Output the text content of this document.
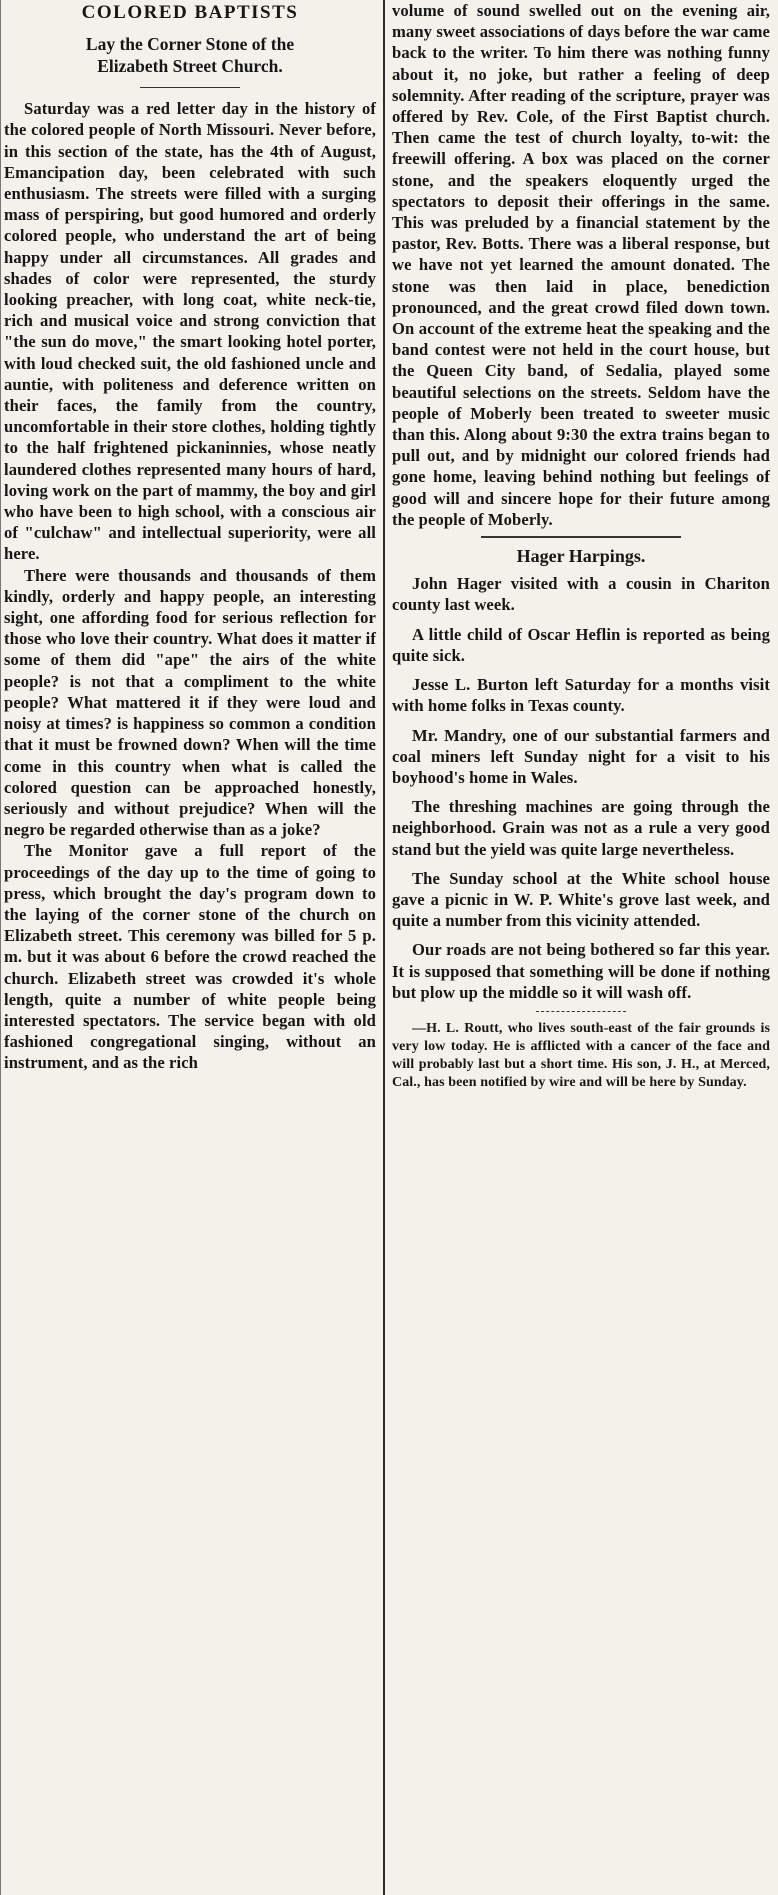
COLORED BAPTISTS
Lay the Corner Stone of the
Elizabeth Street Church.

Saturday was a red letter day in the history of the colored people of North Missouri. Never before, in this section of the state, has the 4th of August, Emancipation day, been celebrated with such enthusiasm. The streets were filled with a surging mass of perspiring, but good humored and orderly colored people, who understand the art of being happy under all circumstances. All grades and shades of color were represented, the sturdy looking preacher, with long coat, white neck-tie, rich and musical voice and strong conviction that "the sun do move," the smart looking hotel porter, with loud checked suit, the old fashioned uncle and auntie, with politeness and deference written on their faces, the family from the country, uncomfortable in their store clothes, holding tightly to the half frightened pickaninnies, whose neatly laundered clothes represented many hours of hard, loving work on the part of mammy, the boy and girl who have been to high school, with a conscious air of "culchaw" and intellectual superiority, were all here.

There were thousands and thousands of them kindly, orderly and happy people, an interesting sight, one affording food for serious reflection for those who love their country. What does it matter if some of them did "ape" the airs of the white people? is not that a compliment to the white people? What mattered it if they were loud and noisy at times? is happiness so common a condition that it must be frowned down? When will the time come in this country when what is called the colored question can be approached honestly, seriously and without prejudice? When will the negro be regarded otherwise than as a joke?

The Monitor gave a full report of the proceedings of the day up to the time of going to press, which brought the day's program down to the laying of the corner stone of the church on Elizabeth street. This ceremony was billed for 5 p. m. but it was about 6 before the crowd reached the church. Elizabeth street was crowded it's whole length, quite a number of white people being interested spectators. The service began with old fashioned congregational singing, without an instrument, and as the rich

volume of sound swelled out on the evening air, many sweet associations of days before the war came back to the writer. To him there was nothing funny about it, no joke, but rather a feeling of deep solemnity. After reading of the scripture, prayer was offered by Rev. Cole, of the First Baptist church. Then came the test of church loyalty, to-wit: the freewill offering. A box was placed on the corner stone, and the speakers eloquently urged the spectators to deposit their offerings in the same. This was preluded by a financial statement by the pastor, Rev. Botts. There was a liberal response, but we have not yet learned the amount donated. The stone was then laid in place, benediction pronounced, and the great crowd filed down town. On account of the extreme heat the speaking and the band contest were not held in the court house, but the Queen City band, of Sedalia, played some beautiful selections on the streets. Seldom have the people of Moberly been treated to sweeter music than this. Along about 9:30 the extra trains began to pull out, and by midnight our colored friends had gone home, leaving behind nothing but feelings of good will and sincere hope for their future among the people of Moberly.

Hager Harpings.

John Hager visited with a cousin in Chariton county last week.

A little child of Oscar Heflin is reported as being quite sick.

Jesse L. Burton left Saturday for a months visit with home folks in Texas county.

Mr. Mandry, one of our substantial farmers and coal miners left Sunday night for a visit to his boyhood's home in Wales.

The threshing machines are going through the neighborhood. Grain was not as a rule a very good stand but the yield was quite large nevertheless.

The Sunday school at the White school house gave a picnic in W. P. White's grove last week, and quite a number from this vicinity attended.

Our roads are not being bothered so far this year. It is supposed that something will be done if nothing but plow up the middle so it will wash off.

—H. L. Routt, who lives south-east of the fair grounds is very low today. He is afflicted with a cancer of the face and will probably last but a short time. His son, J. H., at Merced, Cal., has been notified by wire and will be here by Sunday.
